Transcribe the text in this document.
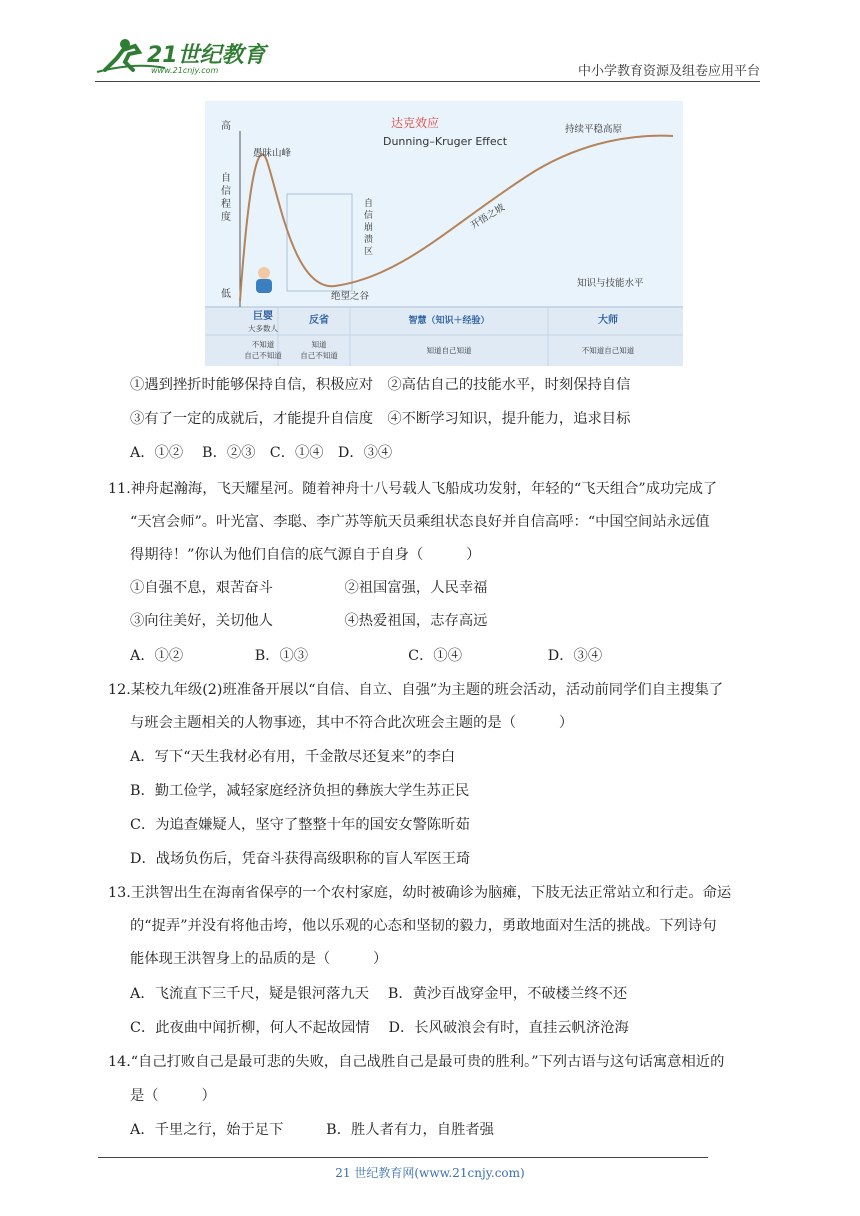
21世纪教育
www.21cnjy.com	中小学教育资源及组卷应用平台
达克效应
Dunning–Kruger Effect
高
自
信
程
度
低
愚昧山峰
持续平稳高原
自
信
崩
溃
区
绝望之谷
开悟之坡
知识与技能水平
巨婴
大多数人
不知道
自己不知道
反省
知道
自己不知道
智慧（知识＋经验）
知道自己知道
大师
不知道自己知道
①遇到挫折时能够保持自信，积极应对　②高估自己的技能水平，时刻保持自信
③有了一定的成就后，才能提升自信度　④不断学习知识，提升能力，追求目标
A．①②　 B．②③　C．①④　D．③④
11.神舟起瀚海，飞天耀星河。随着神舟十八号载人飞船成功发射，年轻的“飞天组合”成功完成了
“天宫会师”。叶光富、李聪、李广苏等航天员乘组状态良好并自信高呼：“中国空间站永远值
得期待！”你认为他们自信的底气源自于自身（　　　）
①自强不息，艰苦奋斗　　　　　②祖国富强，人民幸福
③向往美好，关切他人　　　　　④热爱祖国，志存高远
A．①②　　　　　B．①③　　　　　　　C．①④　　　　　　D．③④
12.某校九年级(2)班准备开展以“自信、自立、自强”为主题的班会活动，活动前同学们自主搜集了
与班会主题相关的人物事迹，其中不符合此次班会主题的是（　　　）
A．写下“天生我材必有用，千金散尽还复来”的李白
B．勤工俭学，减轻家庭经济负担的彝族大学生苏正民
C．为追查嫌疑人，坚守了整整十年的国安女警陈昕茹
D．战场负伤后，凭奋斗获得高级职称的盲人军医王琦
13.王洪智出生在海南省保亭的一个农村家庭，幼时被确诊为脑瘫，下肢无法正常站立和行走。命运
的“捉弄”并没有将他击垮，他以乐观的心态和坚韧的毅力，勇敢地面对生活的挑战。下列诗句
能体现王洪智身上的品质的是（　　　）
A．飞流直下三千尺，疑是银河落九天　 B．黄沙百战穿金甲，不破楼兰终不还
C．此夜曲中闻折柳，何人不起故园情　 D．长风破浪会有时，直挂云帆济沧海
14.“自己打败自己是最可悲的失败，自己战胜自己是最可贵的胜利。”下列古语与这句话寓意相近的
是（　　　）
A．千里之行，始于足下　　　B．胜人者有力，自胜者强
21 世纪教育网(www.21cnjy.com)
